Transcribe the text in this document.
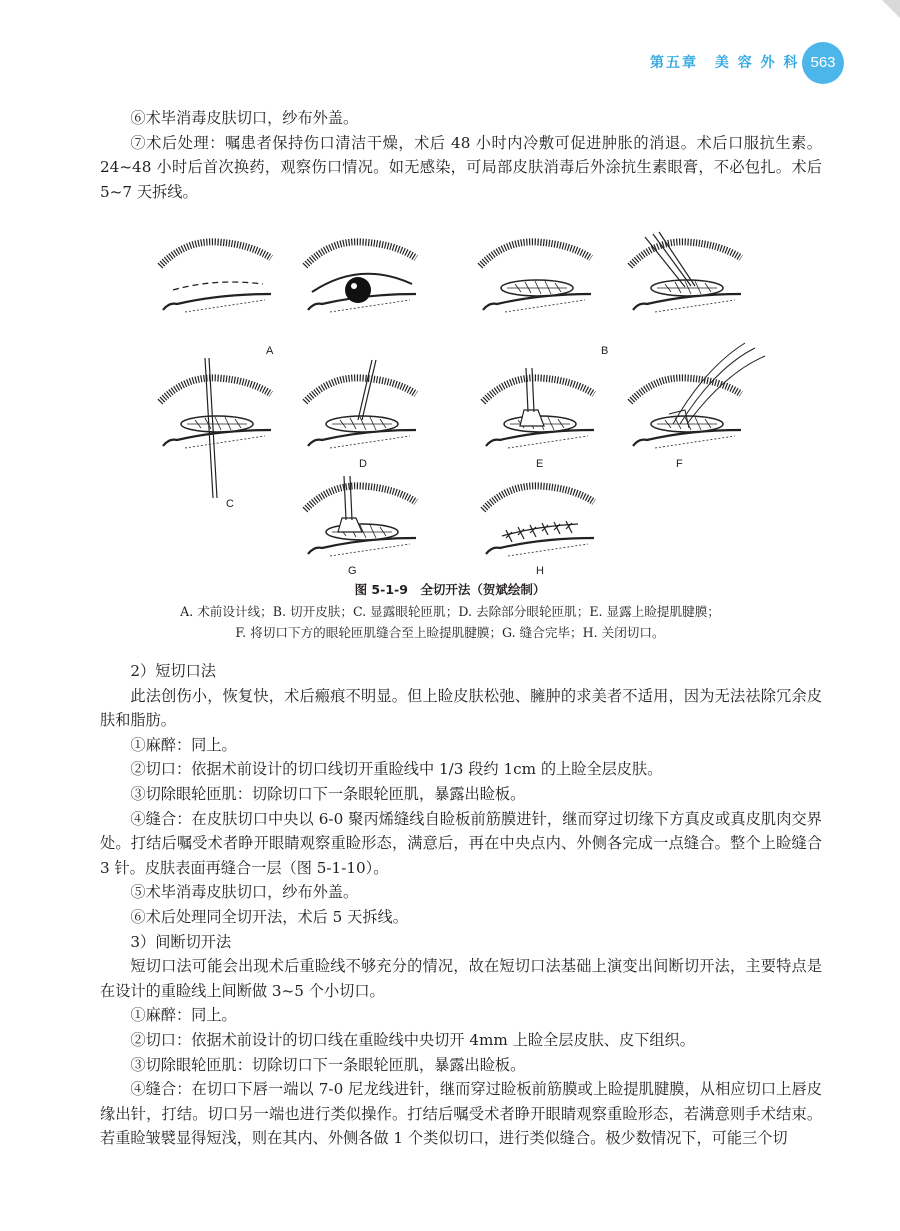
第五章 美 容 外 科 563

⑥术毕消毒皮肤切口，纱布外盖。

⑦术后处理：嘱患者保持伤口清洁干燥，术后 48 小时内冷敷可促进肿胀的消退。术后口服抗生素。24~48 小时后首次换药，观察伤口情况。如无感染，可局部皮肤消毒后外涂抗生素眼膏，不必包扎。术后 5~7 天拆线。

A	B
C
D	E	F
G	H
图 5-1-9　全切开法（贺斌绘制）
A. 术前设计线；B. 切开皮肤；C. 显露眼轮匝肌；D. 去除部分眼轮匝肌；E. 显露上睑提肌腱膜；
F. 将切口下方的眼轮匝肌缝合至上睑提肌腱膜；G. 缝合完毕；H. 关闭切口。

2）短切口法

此法创伤小，恢复快，术后瘢痕不明显。但上睑皮肤松弛、臃肿的求美者不适用，因为无法祛除冗余皮肤和脂肪。

①麻醉：同上。

②切口：依据术前设计的切口线切开重睑线中 1/3 段约 1cm 的上睑全层皮肤。

③切除眼轮匝肌：切除切口下一条眼轮匝肌，暴露出睑板。

④缝合：在皮肤切口中央以 6-0 聚丙烯缝线自睑板前筋膜进针，继而穿过切缘下方真皮或真皮肌肉交界处。打结后嘱受术者睁开眼睛观察重睑形态，满意后，再在中央点内、外侧各完成一点缝合。整个上睑缝合 3 针。皮肤表面再缝合一层（图 5-1-10）。

⑤术毕消毒皮肤切口，纱布外盖。

⑥术后处理同全切开法，术后 5 天拆线。

3）间断切开法

短切口法可能会出现术后重睑线不够充分的情况，故在短切口法基础上演变出间断切开法，主要特点是在设计的重睑线上间断做 3~5 个小切口。

①麻醉：同上。

②切口：依据术前设计的切口线在重睑线中央切开 4mm 上睑全层皮肤、皮下组织。

③切除眼轮匝肌：切除切口下一条眼轮匝肌，暴露出睑板。

④缝合：在切口下唇一端以 7-0 尼龙线进针，继而穿过睑板前筋膜或上睑提肌腱膜，从相应切口上唇皮缘出针，打结。切口另一端也进行类似操作。打结后嘱受术者睁开眼睛观察重睑形态，若满意则手术结束。若重睑皱襞显得短浅，则在其内、外侧各做 1 个类似切口，进行类似缝合。极少数情况下，可能三个切
